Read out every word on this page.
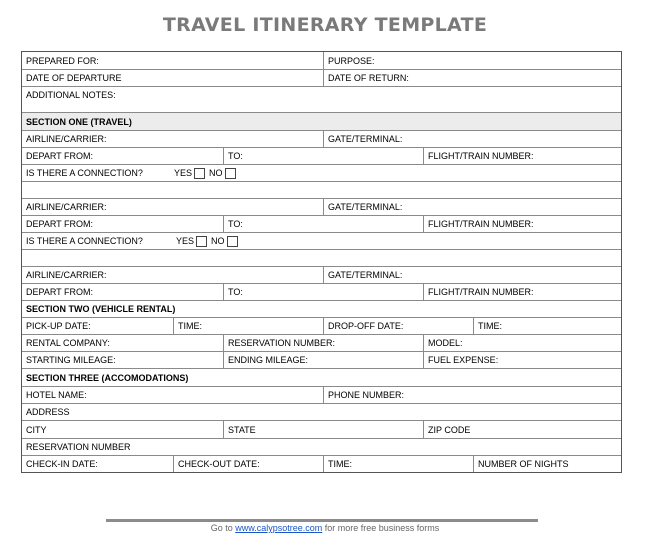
TRAVEL ITINERARY TEMPLATE
PREPARED FOR:	PURPOSE:
DATE OF DEPARTURE	DATE OF RETURN:
ADDITIONAL NOTES:
SECTION ONE (TRAVEL)
AIRLINE/CARRIER:	GATE/TERMINAL:
DEPART FROM:	TO:	FLIGHT/TRAIN NUMBER:
IS THERE A CONNECTION?	YES NO
AIRLINE/CARRIER:	GATE/TERMINAL:
DEPART FROM:	TO:	FLIGHT/TRAIN NUMBER:
IS THERE A CONNECTION?	YES NO
AIRLINE/CARRIER:	GATE/TERMINAL:
DEPART FROM:	TO:	FLIGHT/TRAIN NUMBER:
SECTION TWO (VEHICLE RENTAL)
PICK-UP DATE:	TIME:	DROP-OFF DATE:	TIME:
RENTAL COMPANY:	RESERVATION NUMBER:	MODEL:
STARTING MILEAGE:	ENDING MILEAGE:	FUEL EXPENSE:
SECTION THREE (ACCOMODATIONS)
HOTEL NAME:	PHONE NUMBER:
ADDRESS
CITY	STATE	ZIP CODE
RESERVATION NUMBER
CHECK-IN DATE:	CHECK-OUT DATE:	TIME:	NUMBER OF NIGHTS
Go to www.calypsotree.com for more free business forms
